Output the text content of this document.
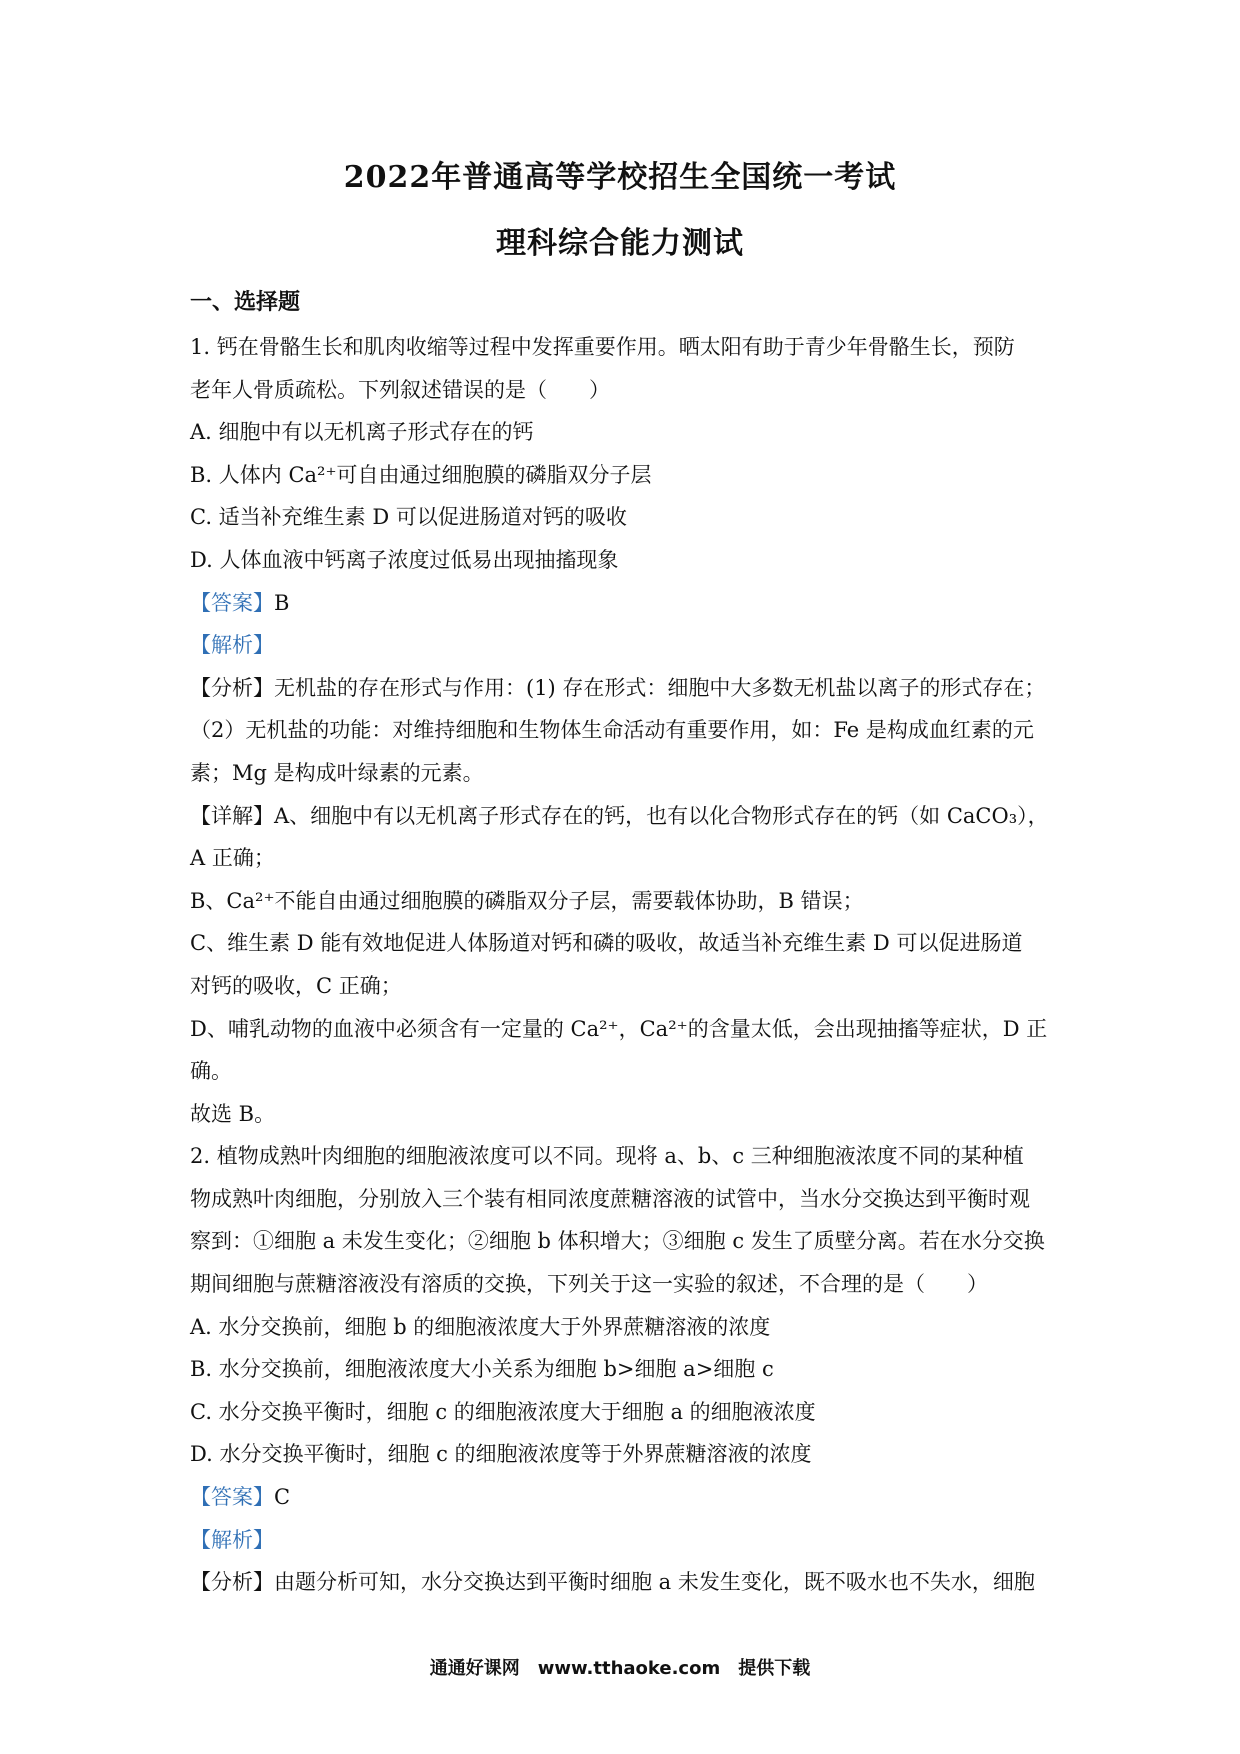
2022年普通高等学校招生全国统一考试
理科综合能力测试
一、选择题
1. 钙在骨骼生长和肌肉收缩等过程中发挥重要作用。晒太阳有助于青少年骨骼生长，预防
老年人骨质疏松。下列叙述错误的是（　　）
A. 细胞中有以无机离子形式存在的钙
B. 人体内 Ca²⁺可自由通过细胞膜的磷脂双分子层
C. 适当补充维生素 D 可以促进肠道对钙的吸收
D. 人体血液中钙离子浓度过低易出现抽搐现象
【答案】B
【解析】
【分析】无机盐的存在形式与作用：(1) 存在形式：细胞中大多数无机盐以离子的形式存在；
（2）无机盐的功能：对维持细胞和生物体生命活动有重要作用，如：Fe 是构成血红素的元
素；Mg 是构成叶绿素的元素。
【详解】A、细胞中有以无机离子形式存在的钙，也有以化合物形式存在的钙（如 CaCO₃），
A 正确；
B、Ca²⁺不能自由通过细胞膜的磷脂双分子层，需要载体协助，B 错误；
C、维生素 D 能有效地促进人体肠道对钙和磷的吸收，故适当补充维生素 D 可以促进肠道
对钙的吸收，C 正确；
D、哺乳动物的血液中必须含有一定量的 Ca²⁺，Ca²⁺的含量太低，会出现抽搐等症状，D 正
确。
故选 B。
2. 植物成熟叶肉细胞的细胞液浓度可以不同。现将 a、b、c 三种细胞液浓度不同的某种植
物成熟叶肉细胞，分别放入三个装有相同浓度蔗糖溶液的试管中，当水分交换达到平衡时观
察到：①细胞 a 未发生变化；②细胞 b 体积增大；③细胞 c 发生了质壁分离。若在水分交换
期间细胞与蔗糖溶液没有溶质的交换，下列关于这一实验的叙述，不合理的是（　　）
A. 水分交换前，细胞 b 的细胞液浓度大于外界蔗糖溶液的浓度
B. 水分交换前，细胞液浓度大小关系为细胞 b>细胞 a>细胞 c
C. 水分交换平衡时，细胞 c 的细胞液浓度大于细胞 a 的细胞液浓度
D. 水分交换平衡时，细胞 c 的细胞液浓度等于外界蔗糖溶液的浓度
【答案】C
【解析】
【分析】由题分析可知，水分交换达到平衡时细胞 a 未发生变化，既不吸水也不失水，细胞
通通好课网　www.tthaoke.com　提供下载
